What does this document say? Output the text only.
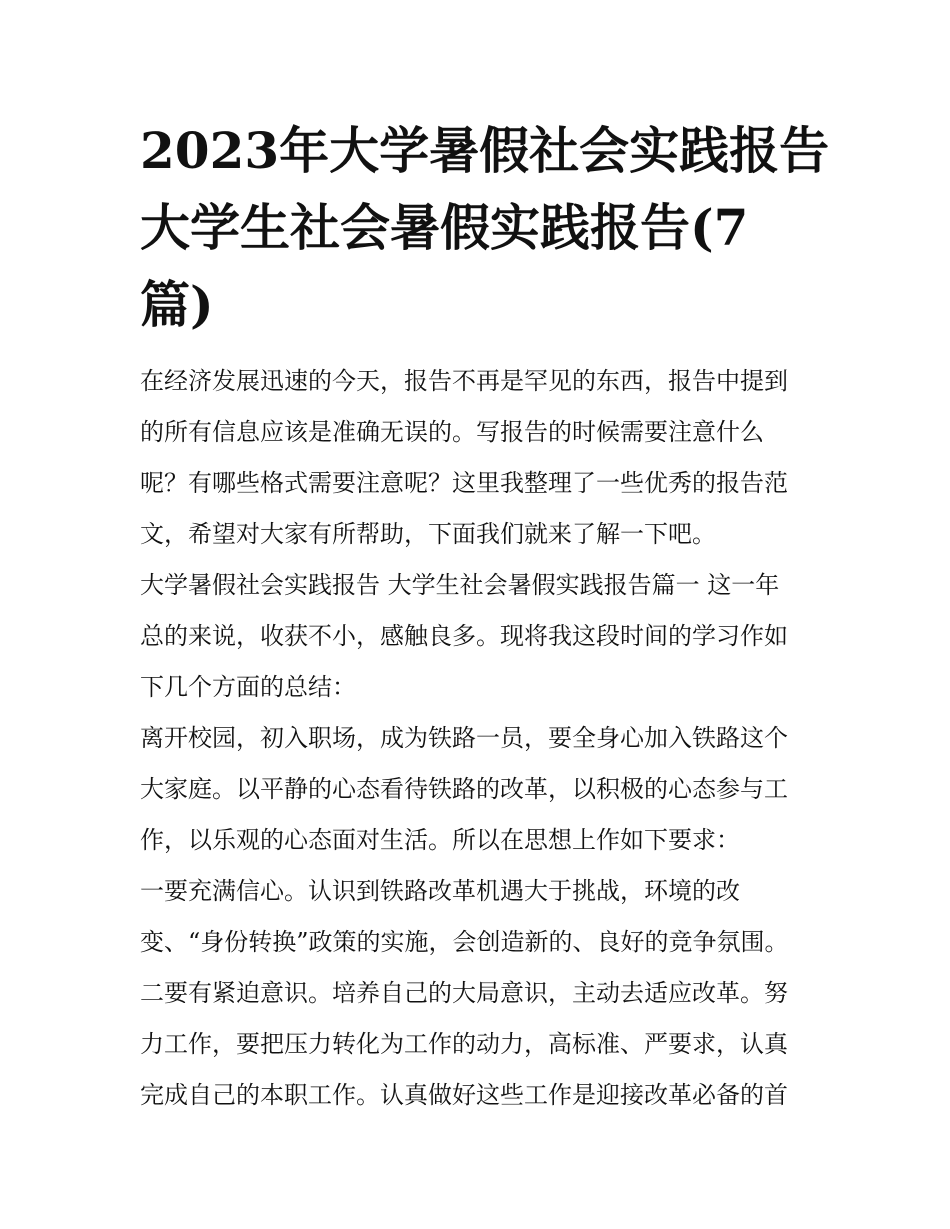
2023年大学暑假社会实践报告
大学生社会暑假实践报告(7
篇)
在经济发展迅速的今天，报告不再是罕见的东西，报告中提到
的所有信息应该是准确无误的。写报告的时候需要注意什么
呢？有哪些格式需要注意呢？这里我整理了一些优秀的报告范
文，希望对大家有所帮助，下面我们就来了解一下吧。
大学暑假社会实践报告 大学生社会暑假实践报告篇一 这一年
总的来说，收获不小，感触良多。现将我这段时间的学习作如
下几个方面的总结：
离开校园，初入职场，成为铁路一员，要全身心加入铁路这个
大家庭。以平静的心态看待铁路的改革，以积极的心态参与工
作，以乐观的心态面对生活。所以在思想上作如下要求：
一要充满信心。认识到铁路改革机遇大于挑战，环境的改
变、“身份转换”政策的实施，会创造新的、良好的竞争氛围。
二要有紧迫意识。培养自己的大局意识，主动去适应改革。努
力工作，要把压力转化为工作的动力，高标准、严要求，认真
完成自己的本职工作。认真做好这些工作是迎接改革必备的首
